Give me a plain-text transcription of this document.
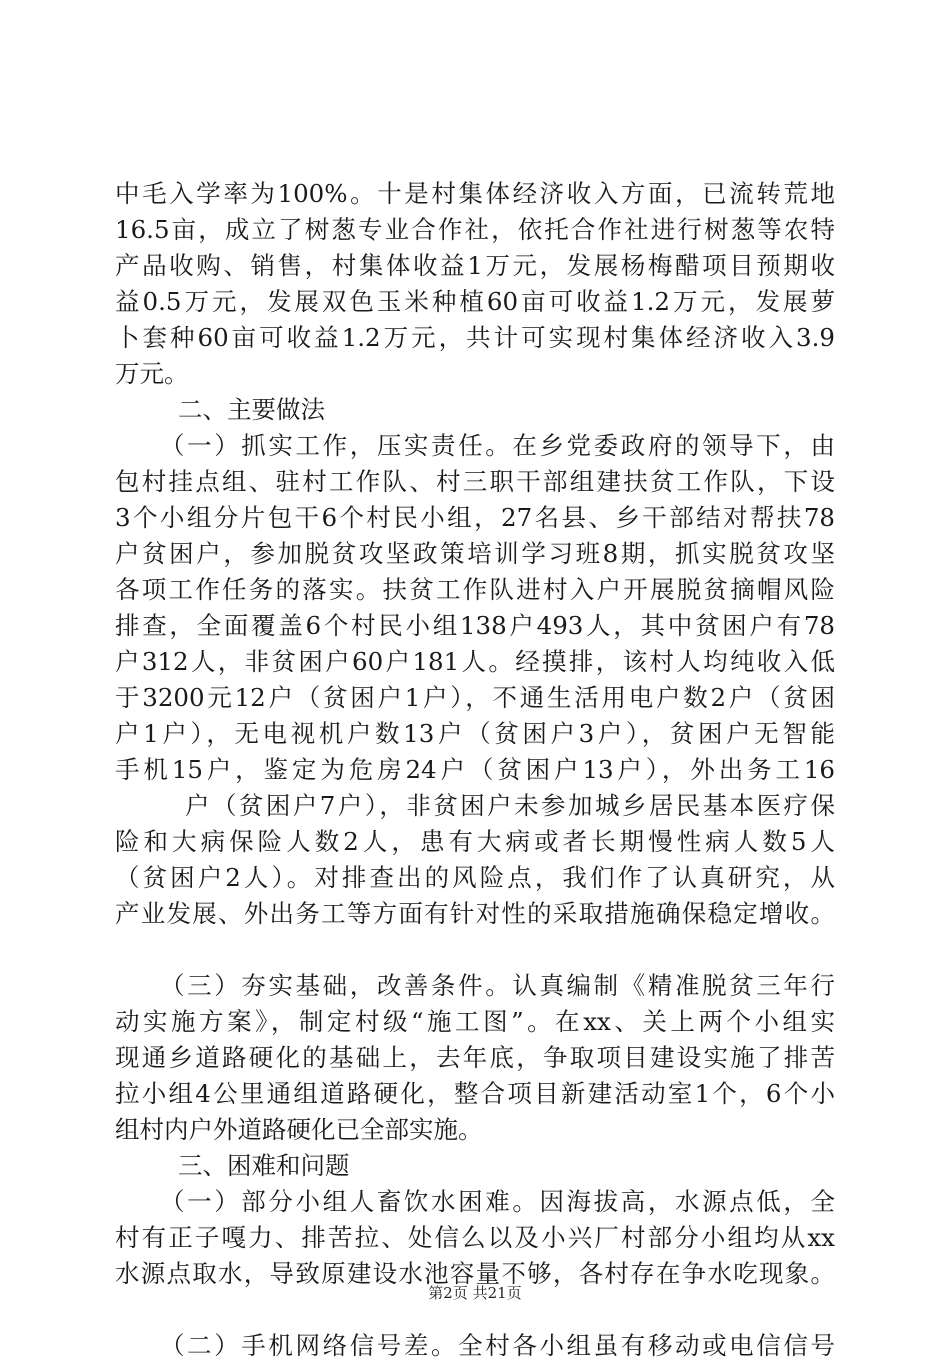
中毛入学率为100%。十是村集体经济收入方面，已流转荒地
16.5亩，成立了树葱专业合作社，依托合作社进行树葱等农特
产品收购、销售，村集体收益1万元，发展杨梅醋项目预期收
益0.5万元，发展双色玉米种植60亩可收益1.2万元，发展萝
卜套种60亩可收益1.2万元，共计可实现村集体经济收入3.9
万元。
二、主要做法
（一）抓实工作，压实责任。在乡党委政府的领导下，由
包村挂点组、驻村工作队、村三职干部组建扶贫工作队，下设
3个小组分片包干6个村民小组，27名县、乡干部结对帮扶78
户贫困户，参加脱贫攻坚政策培训学习班8期，抓实脱贫攻坚
各项工作任务的落实。扶贫工作队进村入户开展脱贫摘帽风险
排查，全面覆盖6个村民小组138户493人，其中贫困户有78
户312人，非贫困户60户181人。经摸排，该村人均纯收入低
于3200元12户（贫困户1户），不通生活用电户数2户（贫困
户1户），无电视机户数13户（贫困户3户），贫困户无智能
手机15户，鉴定为危房24户（贫困户13户），外出务工16
户（贫困户7户），非贫困户未参加城乡居民基本医疗保
险和大病保险人数2人，患有大病或者长期慢性病人数5人
（贫困户2人）。对排查出的风险点，我们作了认真研究，从
产业发展、外出务工等方面有针对性的采取措施确保稳定增收。
（三）夯实基础，改善条件。认真编制《精准脱贫三年行
动实施方案》，制定村级“施工图”。在xx、关上两个小组实
现通乡道路硬化的基础上，去年底，争取项目建设实施了排苦
拉小组4公里通组道路硬化，整合项目新建活动室1个，6个小
组村内户外道路硬化已全部实施。
三、困难和问题
（一）部分小组人畜饮水困难。因海拔高，水源点低，全
村有正子嘎力、排苦拉、处信么以及小兴厂村部分小组均从xx
水源点取水，导致原建设水池容量不够，各村存在争水吃现象。
（二）手机网络信号差。全村各小组虽有移动或电信信号
第2页 共21页
